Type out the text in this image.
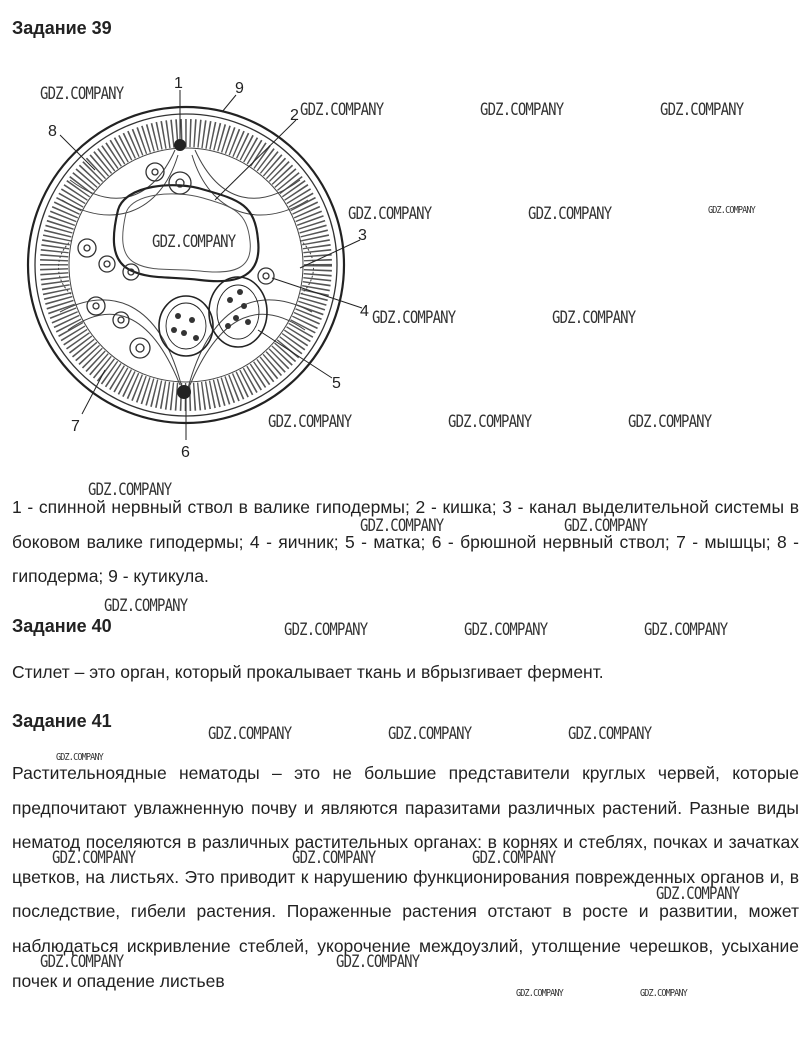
Задание 39
1
2
3
4
5
6
7
8
9

1 - спинной нервный ствол в валике гиподермы; 2 - кишка; 3 - канал выделительной системы в боковом валике гиподермы; 4 - яичник; 5 - матка; 6 - брюшной нервный ствол; 7 - мышцы; 8 - гиподерма; 9 - кутикула.

Задание 40

Стилет – это орган, который прокалывает ткань и вбрызгивает фермент.

Задание 41

Растительноядные нематоды – это не большие представители круглых червей, которые предпочитают увлажненную почву и являются паразитами различных растений. Разные виды нематод поселяются в различных растительных органах: в корнях и стеблях, почках и зачатках цветков, на листьях. Это приводит к нарушению функционирования поврежденных органов и, в последствие, гибели растения. Пораженные растения отстают в росте и развитии, может наблюдаться искривление стеблей, укорочение междоузлий, утолщение черешков, усыхание почек и опадение листьев

GDZ.COMPANY
GDZ.COMPANY	GDZ.COMPANY	GDZ.COMPANY
GDZ.COMPANY	GDZ.COMPANY	GDZ.COMPANY
GDZ.COMPANY
GDZ.COMPANY	GDZ.COMPANY
GDZ.COMPANY	GDZ.COMPANY	GDZ.COMPANY
GDZ.COMPANY
GDZ.COMPANY	GDZ.COMPANY
GDZ.COMPANY
GDZ.COMPANY	GDZ.COMPANY	GDZ.COMPANY
GDZ.COMPANY	GDZ.COMPANY	GDZ.COMPANY
GDZ.COMPANY
GDZ.COMPANY	GDZ.COMPANY	GDZ.COMPANY
GDZ.COMPANY
GDZ.COMPANY	GDZ.COMPANY
GDZ.COMPANY	GDZ.COMPANY
